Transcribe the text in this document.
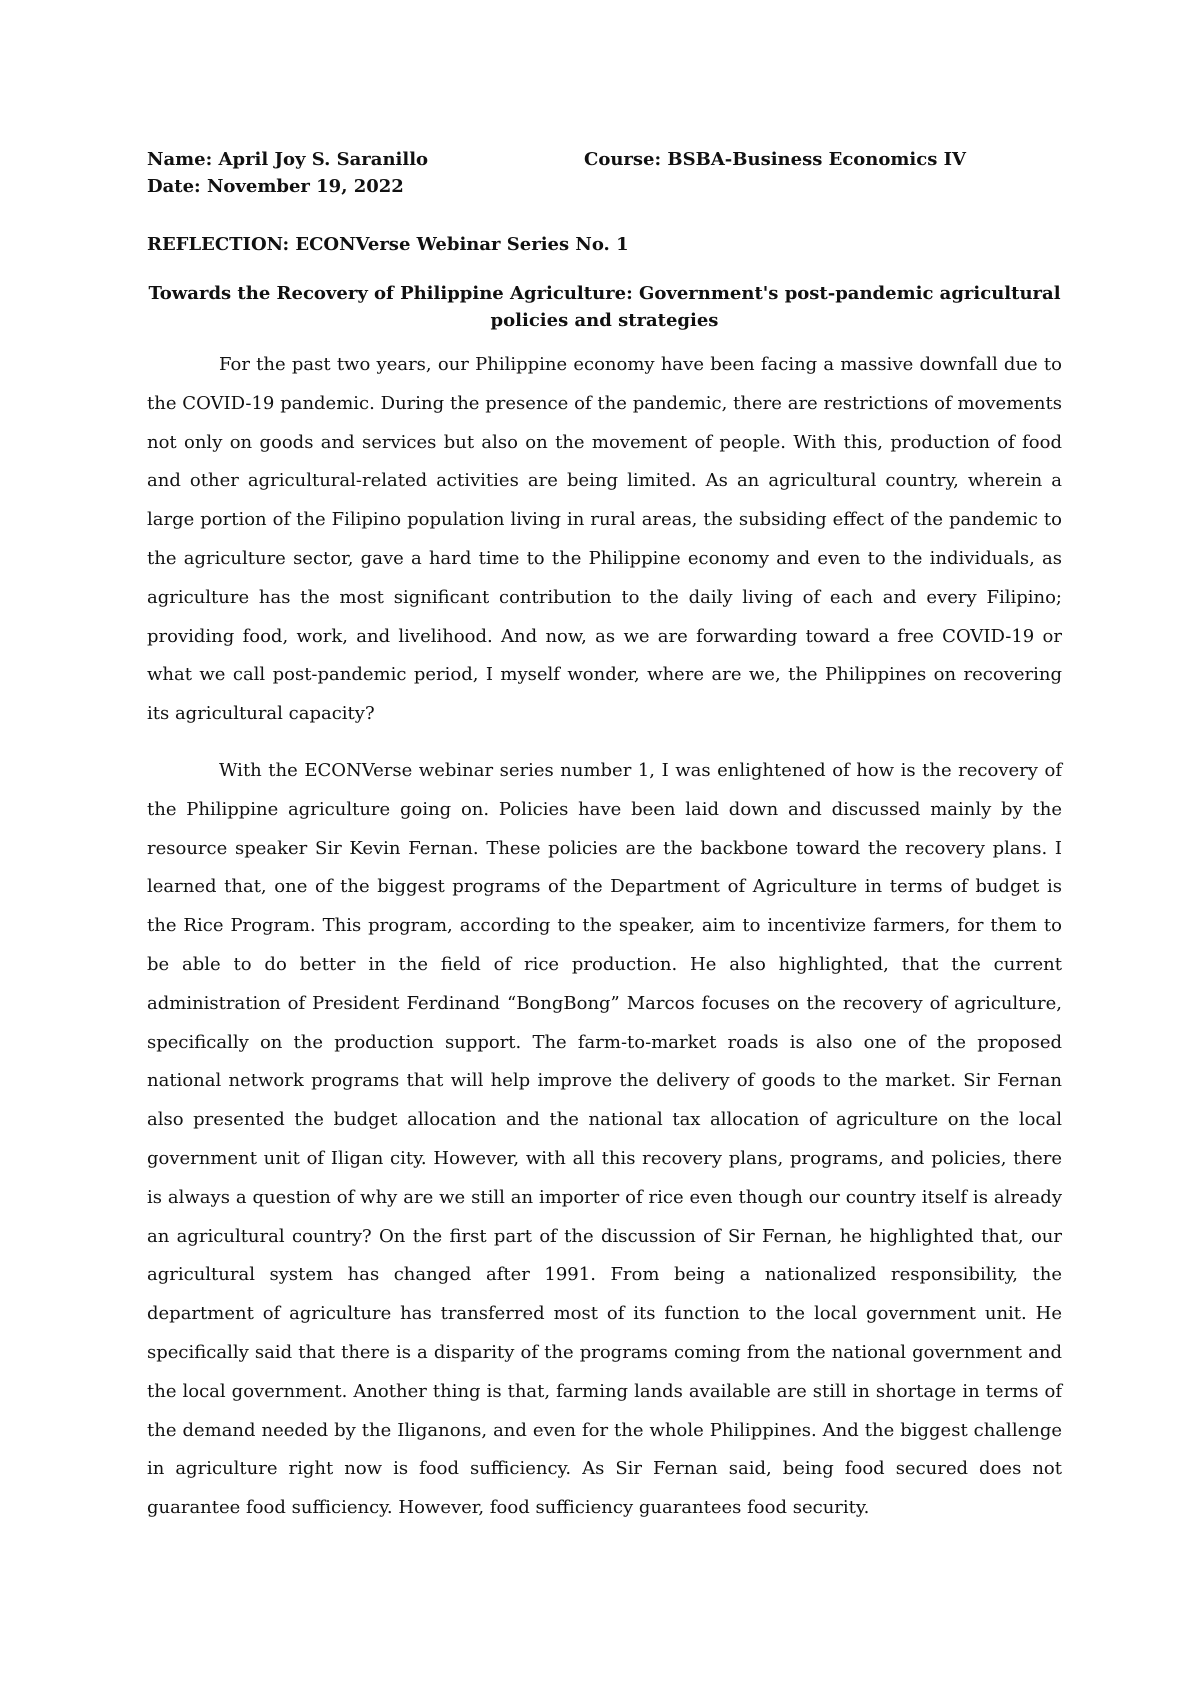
Name: April Joy S. Saranillo	Course: BSBA-Business Economics IV
Date: November 19, 2022
REFLECTION: ECONVerse Webinar Series No. 1
Towards the Recovery of Philippine Agriculture: Government's post-pandemic agricultural policies and strategies

For the past two years, our Philippine economy have been facing a massive downfall due to the COVID-19 pandemic. During the presence of the pandemic, there are restrictions of movements not only on goods and services but also on the movement of people. With this, production of food and other agricultural-related activities are being limited. As an agricultural country, wherein a large portion of the Filipino population living in rural areas, the subsiding effect of the pandemic to the agriculture sector, gave a hard time to the Philippine economy and even to the individuals, as agriculture has the most significant contribution to the daily living of each and every Filipino; providing food, work, and livelihood. And now, as we are forwarding toward a free COVID-19 or what we call post-pandemic period, I myself wonder, where are we, the Philippines on recovering its agricultural capacity?

With the ECONVerse webinar series number 1, I was enlightened of how is the recovery of the Philippine agriculture going on. Policies have been laid down and discussed mainly by the resource speaker Sir Kevin Fernan. These policies are the backbone toward the recovery plans. I learned that, one of the biggest programs of the Department of Agriculture in terms of budget is the Rice Program. This program, according to the speaker, aim to incentivize farmers, for them to be able to do better in the field of rice production. He also highlighted, that the current administration of President Ferdinand “BongBong” Marcos focuses on the recovery of agriculture, specifically on the production support. The farm-to-market roads is also one of the proposed national network programs that will help improve the delivery of goods to the market. Sir Fernan also presented the budget allocation and the national tax allocation of agriculture on the local government unit of Iligan city. However, with all this recovery plans, programs, and policies, there is always a question of why are we still an importer of rice even though our country itself is already an agricultural country? On the first part of the discussion of Sir Fernan, he highlighted that, our agricultural system has changed after 1991. From being a nationalized responsibility, the department of agriculture has transferred most of its function to the local government unit. He specifically said that there is a disparity of the programs coming from the national government and the local government. Another thing is that, farming lands available are still in shortage in terms of the demand needed by the Iliganons, and even for the whole Philippines. And the biggest challenge in agriculture right now is food sufficiency. As Sir Fernan said, being food secured does not guarantee food sufficiency. However, food sufficiency guarantees food security.
